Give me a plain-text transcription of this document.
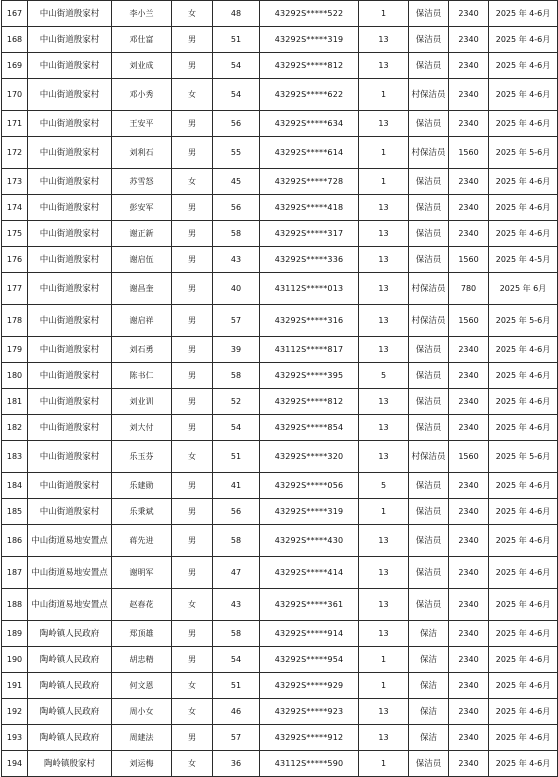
167	中山街道殷家村	李小兰	女	48	43292S*****522	1	保洁员	2340	2025 年 4-6月
168	中山街道殷家村	邓仕富	男	51	43292S*****319	13	保洁员	2340	2025 年 4-6月
169	中山街道殷家村	刘业成	男	54	43292S*****812	13	保洁员	2340	2025 年 4-6月
170	中山街道殷家村	邓小秀	女	54	43292S*****622	1	村保洁员	2340	2025 年 4-6月
171	中山街道殷家村	王安平	男	56	43292S*****634	13	保洁员	2340	2025 年 4-6月
172	中山街道殷家村	刘利石	男	55	43292S*****614	1	村保洁员	1560	2025 年 5-6月
173	中山街道殷家村	苏雪怒	女	45	43292S*****728	1	保洁员	2340	2025 年 4-6月
174	中山街道殷家村	彭安军	男	56	43292S*****418	13	保洁员	2340	2025 年 4-6月
175	中山街道殷家村	谢正新	男	58	43292S*****317	13	保洁员	2340	2025 年 4-6月
176	中山街道殷家村	谢启伍	男	43	43292S*****336	13	保洁员	1560	2025 年 4-5月
177	中山街道殷家村	谢昌奎	男	40	43112S*****013	13	村保洁员	780	2025 年 6月
178	中山街道殷家村	谢启祥	男	57	43292S*****316	13	村保洁员	1560	2025 年 5-6月
179	中山街道殷家村	刘石勇	男	39	43112S*****817	13	保洁员	2340	2025 年 4-6月
180	中山街道殷家村	陈书仁	男	58	43292S*****395	5	保洁员	2340	2025 年 4-6月
181	中山街道殷家村	刘业训	男	52	43292S*****812	13	保洁员	2340	2025 年 4-6月
182	中山街道殷家村	刘大付	男	54	43292S*****854	13	保洁员	2340	2025 年 4-6月
183	中山街道殷家村	乐玉芬	女	51	43292S*****320	13	村保洁员	1560	2025 年 5-6月
184	中山街道殷家村	乐建勋	男	41	43292S*****056	5	保洁员	2340	2025 年 4-6月
185	中山街道殷家村	乐秉斌	男	56	43292S*****319	1	保洁员	2340	2025 年 4-6月
186	中山街道易地安置点	蒋先进	男	58	43292S*****430	13	保洁员	2340	2025 年 4-6月
187	中山街道易地安置点	谢明军	男	47	43292S*****414	13	保洁员	2340	2025 年 4-6月
188	中山街道易地安置点	赵春花	女	43	43292S*****361	13	保洁员	2340	2025 年 4-6月
189	陶岭镇人民政府	郑顶雄	男	58	43292S*****914	13	保洁	2340	2025 年 4-6月
190	陶岭镇人民政府	胡忠精	男	54	43292S*****954	1	保洁	2340	2025 年 4-6月
191	陶岭镇人民政府	何文恩	女	51	43292S*****929	1	保洁	2340	2025 年 4-6月
192	陶岭镇人民政府	周小女	女	46	43292S*****923	13	保洁	2340	2025 年 4-6月
193	陶岭镇人民政府	周建法	男	57	43292S*****912	13	保洁	2340	2025 年 4-6月
194	陶岭镇殷家村	刘运梅	女	36	43112S*****590	1	保洁员	2340	2025 年 4-6月
